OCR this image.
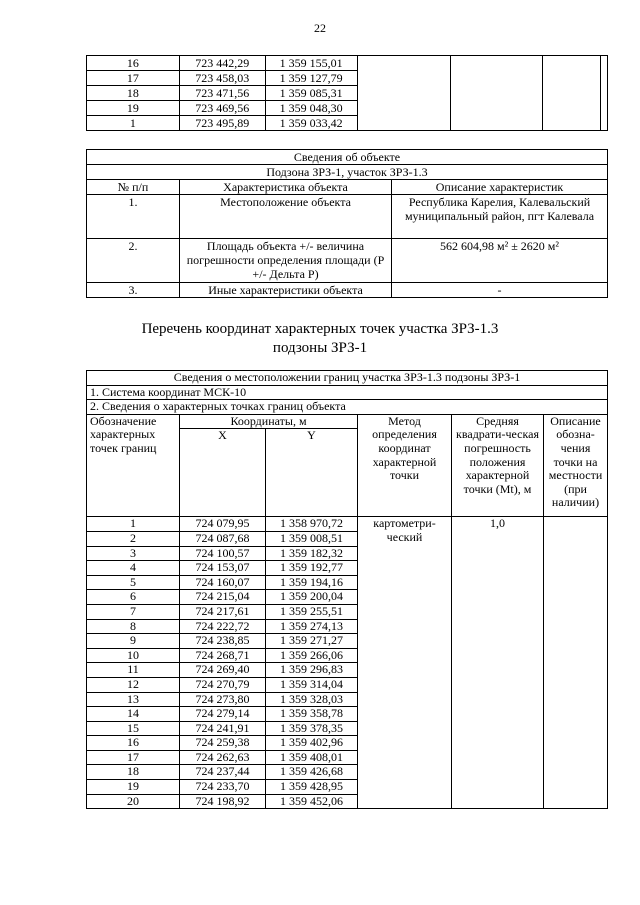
22
16	723 442,29	1 359 155,01				
17	723 458,03	1 359 127,79				
18	723 471,56	1 359 085,31				
19	723 469,56	1 359 048,30				
1	723 495,89	1 359 033,42				
Сведения об объекте		
Подзона ЗРЗ-1, участок ЗРЗ-1.3		
№ п/п	Характеристика объекта	Описание характеристик
1.	Местоположение объекта	Республика Карелия, Калевальский муниципальный район, пгт Калевала
2.	Площадь объекта +/- величина погрешности определения площади (Р +/- Дельта Р)	562 604,98 м² ± 2620 м²
3.	Иные характеристики объекта	-
Перечень координат характерных точек участка ЗРЗ-1.3
подзоны ЗРЗ-1
Сведения о местоположении границ участка ЗРЗ-1.3 подзоны ЗРЗ-1					
1. Система координат МСК-10					
2. Сведения о характерных точках границ объекта					
Обозначение характерных точек границ	Координаты, м		Метод определения координат характерной точки	Средняя квадрати-ческая погрешность положения характерной точки (Мt), м	Описание обозна-чения точки на местности (при наличии)
	X	Y			
1	724 079,95	1 358 970,72	картометри-ческий	1,0	
2	724 087,68	1 359 008,51			
3	724 100,57	1 359 182,32			
4	724 153,07	1 359 192,77			
5	724 160,07	1 359 194,16			
6	724 215,04	1 359 200,04			
7	724 217,61	1 359 255,51			
8	724 222,72	1 359 274,13			
9	724 238,85	1 359 271,27			
10	724 268,71	1 359 266,06			
11	724 269,40	1 359 296,83			
12	724 270,79	1 359 314,04			
13	724 273,80	1 359 328,03			
14	724 279,14	1 359 358,78			
15	724 241,91	1 359 378,35			
16	724 259,38	1 359 402,96			
17	724 262,63	1 359 408,01			
18	724 237,44	1 359 426,68			
19	724 233,70	1 359 428,95			
20	724 198,92	1 359 452,06			
